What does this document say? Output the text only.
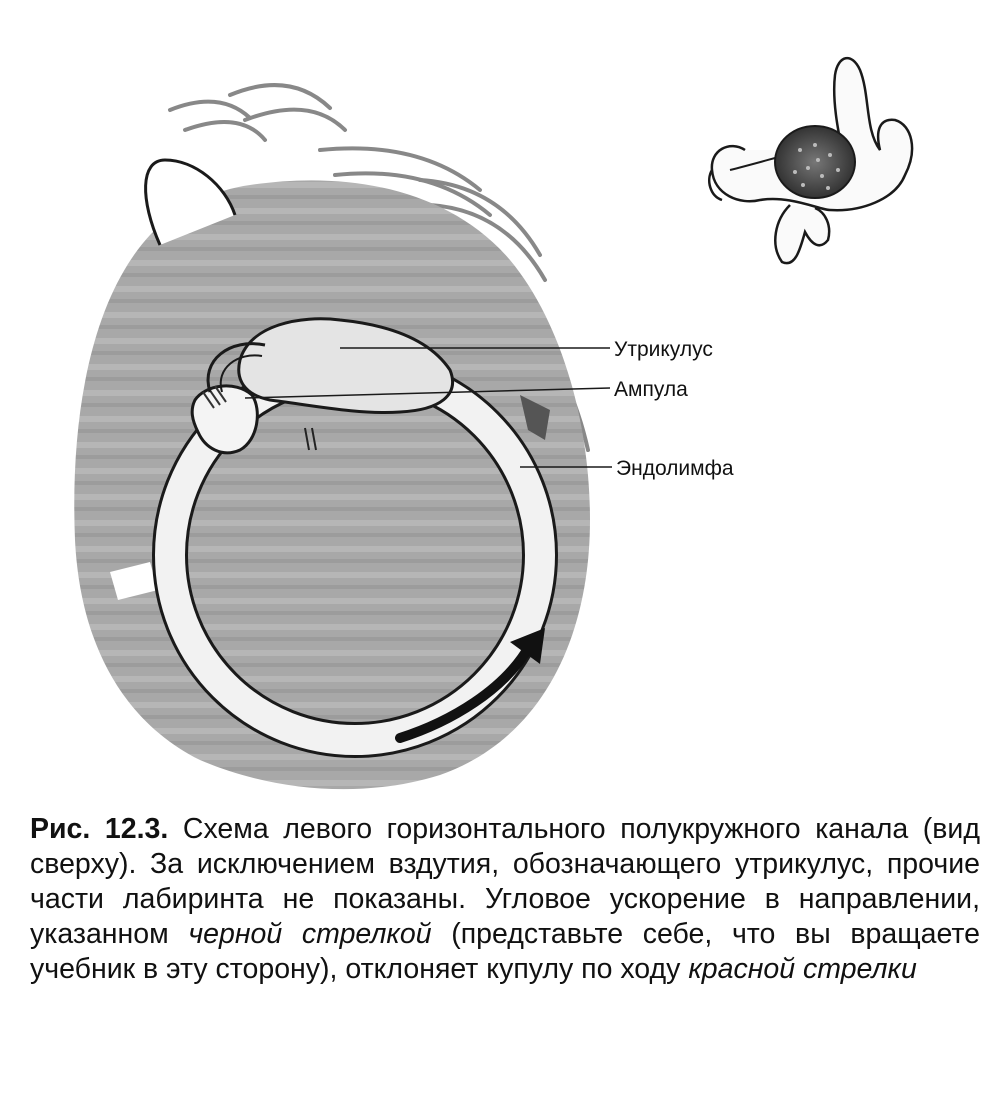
Утрикулус
Ампула
Эндолимфа
Рис. 12.3. Схема левого горизонтального полукружного канала (вид сверху). За исключением вздутия, обозначающего утрикулус, прочие части лабиринта не показаны. Угловое ускорение в направлении, указанном черной стрелкой (представьте себе, что вы вращаете учебник в эту сторону), отклоняет купулу по ходу красной стрелки
